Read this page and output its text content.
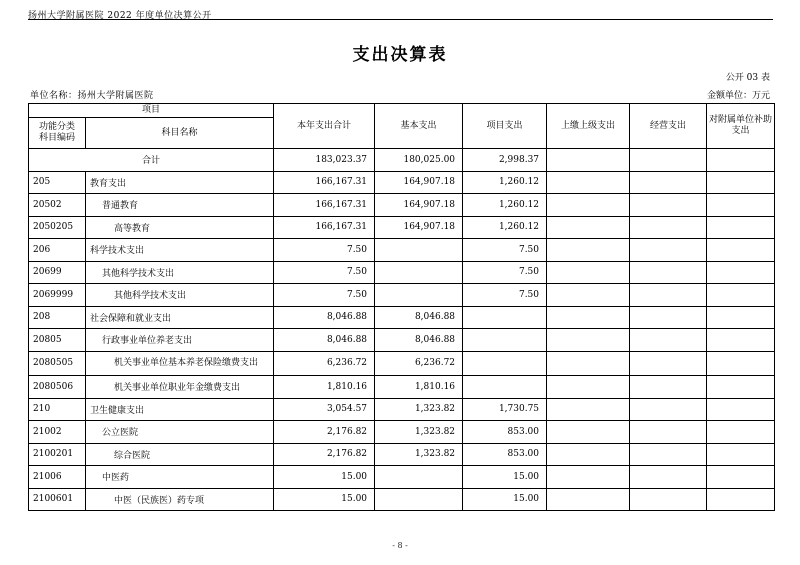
扬州大学附属医院 2022 年度单位决算公开
支出决算表
公开 03 表
单位名称：扬州大学附属医院	金额单位：万元
项目		本年支出合计	基本支出	项目支出	上缴上级支出	经营支出	对附属单位补助支出
功能分类
科目编码	科目名称						
合计		183,023.37	180,025.00	2,998.37			
205	教育支出	166,167.31	164,907.18	1,260.12			
20502	普通教育	166,167.31	164,907.18	1,260.12			
2050205	高等教育	166,167.31	164,907.18	1,260.12			
206	科学技术支出	7.50		7.50			
20699	其他科学技术支出	7.50		7.50			
2069999	其他科学技术支出	7.50		7.50			
208	社会保障和就业支出	8,046.88	8,046.88				
20805	行政事业单位养老支出	8,046.88	8,046.88				
2080505	机关事业单位基本养老保险缴费支出	6,236.72	6,236.72				
2080506	机关事业单位职业年金缴费支出	1,810.16	1,810.16				
210	卫生健康支出	3,054.57	1,323.82	1,730.75			
21002	公立医院	2,176.82	1,323.82	853.00			
2100201	综合医院	2,176.82	1,323.82	853.00			
21006	中医药	15.00		15.00			
2100601	中医（民族医）药专项	15.00		15.00			
- 8 -
